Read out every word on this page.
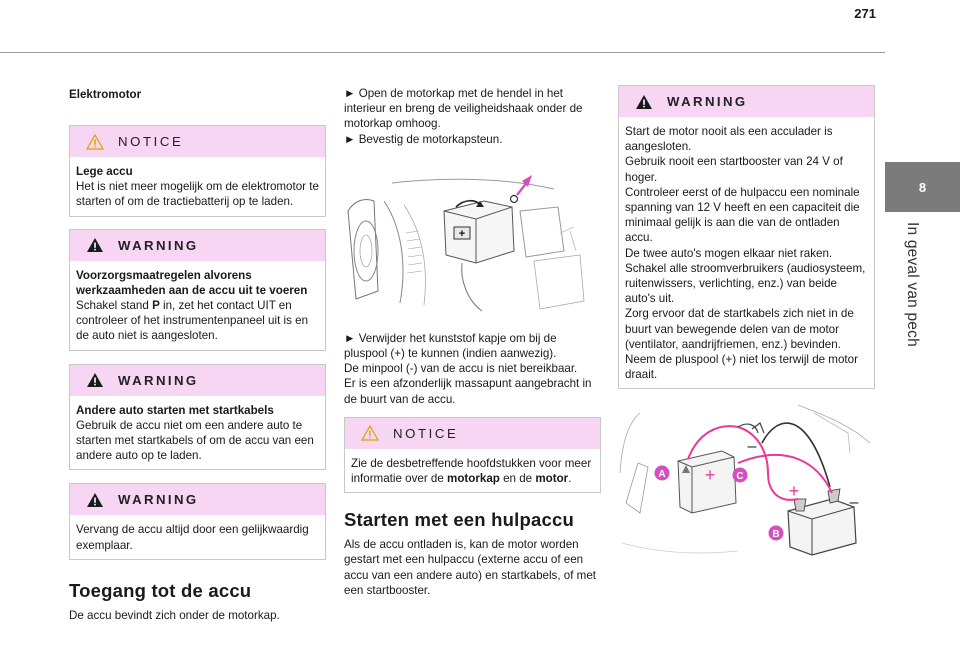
271
8
In geval van pech
Elektromotor
NOTICE
Lege accu
Het is niet meer mogelijk om de elektromotor te starten of om de tractiebatterij op te laden.
WARNING
Voorzorgsmaatregelen alvorens werkzaamheden aan de accu uit te voeren
Schakel stand P in, zet het contact UIT en controleer of het instrumentenpaneel uit is en de auto niet is aangesloten.
WARNING
Andere auto starten met startkabels
Gebruik de accu niet om een andere auto te starten met startkabels of om de accu van een andere auto op te laden.
WARNING
Vervang de accu altijd door een gelijkwaardig exemplaar.
Toegang tot de accu
De accu bevindt zich onder de motorkap.
► Open de motorkap met de hendel in het interieur en breng de veiligheidshaak onder de motorkap omhoog.
► Bevestig de motorkapsteun.
+
► Verwijder het kunststof kapje om bij de pluspool (+) te kunnen (indien aanwezig).
De minpool (-) van de accu is niet bereikbaar.
Er is een afzonderlijk massapunt aangebracht in de buurt van de accu.
NOTICE
Zie de desbetreffende hoofdstukken voor meer informatie over de motorkap en de motor.
Starten met een hulpaccu
Als de accu ontladen is, kan de motor worden gestart met een hulpaccu (externe accu of een accu van een andere auto) en startkabels, of met een startbooster.
WARNING
Start de motor nooit als een acculader is aangesloten.
Gebruik nooit een startbooster van 24 V of hoger.
Controleer eerst of de hulpaccu een nominale spanning van 12 V heeft en een capaciteit die minimaal gelijk is aan die van de ontladen accu.
De twee auto's mogen elkaar niet raken.
Schakel alle stroomverbruikers (audiosysteem, ruitenwissers, verlichting, enz.) van beide auto's uit.
Zorg ervoor dat de startkabels zich niet in de buurt van bewegende delen van de motor (ventilator, aandrijfriemen, enz.) bevinden.
Neem de pluspool (+) niet los terwijl de motor draait.
+
+
–
–
A	C
B
